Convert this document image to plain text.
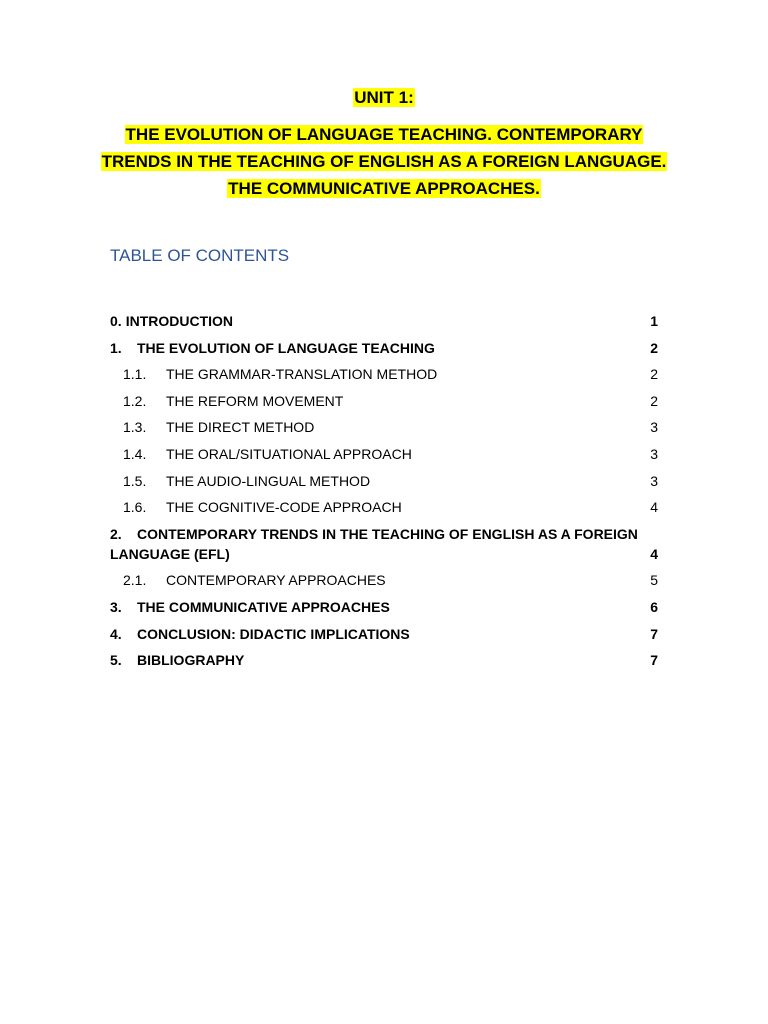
UNIT 1:
THE EVOLUTION OF LANGUAGE TEACHING. CONTEMPORARY TRENDS IN THE TEACHING OF ENGLISH AS A FOREIGN LANGUAGE. THE COMMUNICATIVE APPROACHES.
TABLE OF CONTENTS
0. INTRODUCTION	1
1.	THE EVOLUTION OF LANGUAGE TEACHING	2
1.1.	THE GRAMMAR-TRANSLATION METHOD	2
1.2.	THE REFORM MOVEMENT	2
1.3.	THE DIRECT METHOD	3
1.4.	THE ORAL/SITUATIONAL APPROACH	3
1.5.	THE AUDIO-LINGUAL METHOD	3
1.6.	THE COGNITIVE-CODE APPROACH	4
2. CONTEMPORARY TRENDS IN THE TEACHING OF ENGLISH AS A FOREIGN LANGUAGE (EFL)	4
2.1.	CONTEMPORARY APPROACHES	5
3.	THE COMMUNICATIVE APPROACHES	6
4.	CONCLUSION: DIDACTIC IMPLICATIONS	7
5.	BIBLIOGRAPHY	7
